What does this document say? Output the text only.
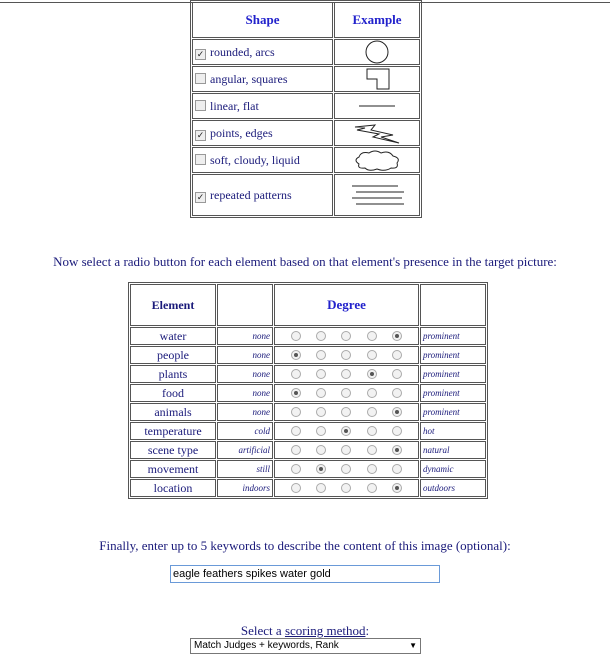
Shape	Example
✓ rounded, arcs	

angular, squares	

linear, flat	

✓ points, edges	

soft, cloudy, liquid	

✓ repeated patterns	
Now select a radio button for each element based on that element's presence in the target picture:
Element		Degree	
water	none		prominent
people	none		prominent
plants	none		prominent
food	none		prominent
animals	none		prominent
temperature	cold		hot
scene type	artificial		natural
movement	still		dynamic
location	indoors		outdoors
Finally, enter up to 5 keywords to describe the content of this image (optional):
eagle feathers spikes water gold
Select a scoring method:
Match Judges + keywords, Rank	▼
